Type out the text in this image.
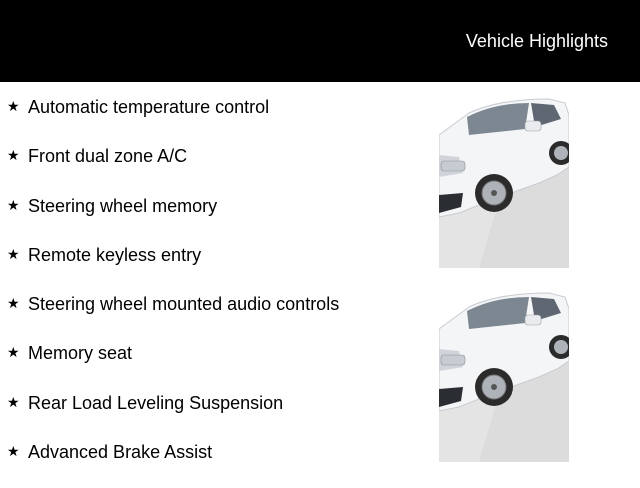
Vehicle Highlights
★ Automatic temperature control
★ Front dual zone A/C
★ Steering wheel memory
★ Remote keyless entry
★ Steering wheel mounted audio controls
★ Memory seat
★ Rear Load Leveling Suspension
★ Advanced Brake Assist
